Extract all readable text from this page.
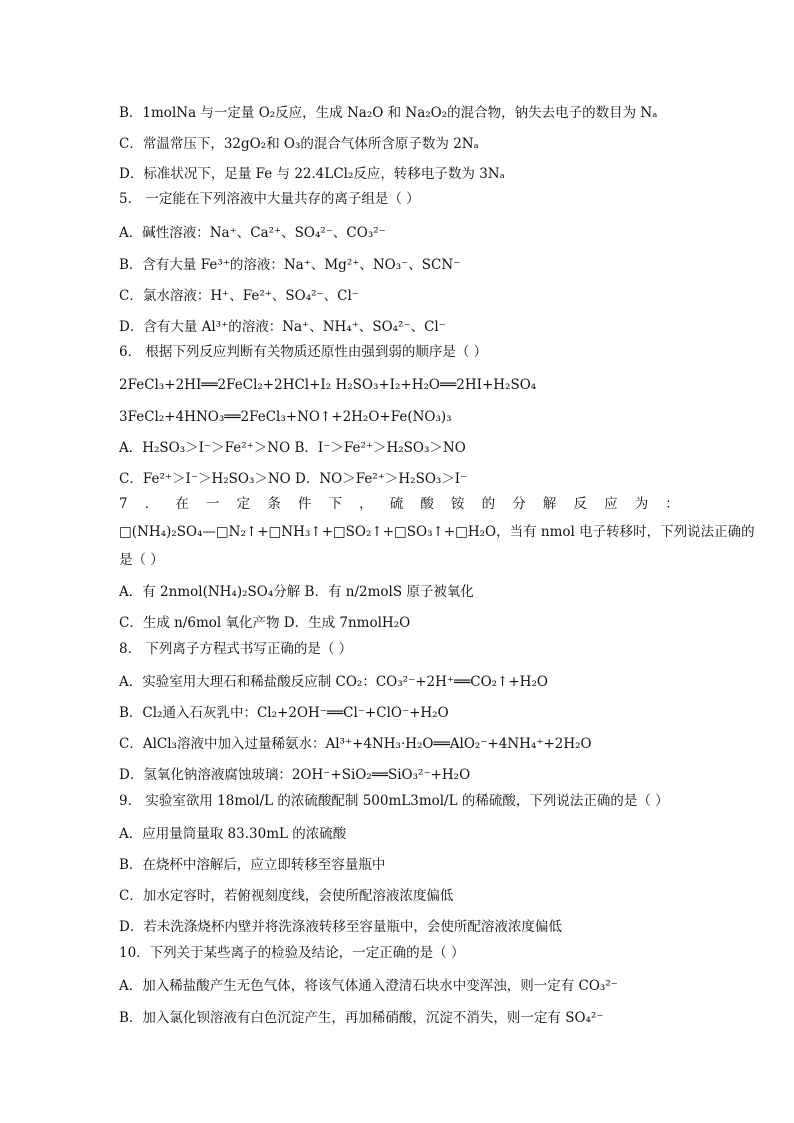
B．1molNa 与一定量 O₂反应，生成 Na₂O 和 Na₂O₂的混合物，钠失去电子的数目为 Nₐ
C．常温常压下，32gO₂和 O₃的混合气体所含原子数为 2Nₐ
D．标准状况下，足量 Fe 与 22.4LCl₂反应，转移电子数为 3Nₐ
5． 一定能在下列溶液中大量共存的离子组是（ ）
A．碱性溶液：Na⁺、Ca²⁺、SO₄²⁻、CO₃²⁻
B．含有大量 Fe³⁺的溶液：Na⁺、Mg²⁺、NO₃⁻、SCN⁻
C．氯水溶液：H⁺、Fe²⁺、SO₄²⁻、Cl⁻
D．含有大量 Al³⁺的溶液：Na⁺、NH₄⁺、SO₄²⁻、Cl⁻
6． 根据下列反应判断有关物质还原性由强到弱的顺序是（ ）
2FeCl₃+2HI══2FeCl₂+2HCl+I₂ H₂SO₃+I₂+H₂O══2HI+H₂SO₄
3FeCl₂+4HNO₃══2FeCl₃+NO↑+2H₂O+Fe(NO₃)₃
A．H₂SO₃＞I⁻＞Fe²⁺＞NO B．I⁻＞Fe²⁺＞H₂SO₃＞NO
C．Fe²⁺＞I⁻＞H₂SO₃＞NO D．NO＞Fe²⁺＞H₂SO₃＞I⁻
7 ． 在 一 定 条 件 下 ， 硫 酸 铵 的 分 解 反 应 为 ：
□(NH₄)₂SO₄—□N₂↑+□NH₃↑+□SO₂↑+□SO₃↑+□H₂O，当有 nmol 电子转移时，下列说法正确的
是（ ）
A．有 2nmol(NH₄)₂SO₄分解 B．有 n/2molS 原子被氧化
C．生成 n/6mol 氧化产物 D．生成 7nmolH₂O
8． 下列离子方程式书写正确的是（ ）
A．实验室用大理石和稀盐酸反应制 CO₂：CO₃²⁻+2H⁺══CO₂↑+H₂O
B．Cl₂通入石灰乳中：Cl₂+2OH⁻══Cl⁻+ClO⁻+H₂O
C．AlCl₃溶液中加入过量稀氨水：Al³⁺+4NH₃·H₂O══AlO₂⁻+4NH₄⁺+2H₂O
D．氢氧化钠溶液腐蚀玻璃：2OH⁻+SiO₂══SiO₃²⁻+H₂O
9． 实验室欲用 18mol/L 的浓硫酸配制 500mL3mol/L 的稀硫酸，下列说法正确的是（ ）
A．应用量筒量取 83.30mL 的浓硫酸
B．在烧杯中溶解后，应立即转移至容量瓶中
C．加水定容时，若俯视刻度线，会使所配溶液浓度偏低
D．若未洗涤烧杯内壁并将洗涤液转移至容量瓶中，会使所配溶液浓度偏低
10．下列关于某些离子的检验及结论，一定正确的是（ ）
A．加入稀盐酸产生无色气体，将该气体通入澄清石块水中变浑浊，则一定有 CO₃²⁻
B．加入氯化钡溶液有白色沉淀产生，再加稀硝酸，沉淀不消失，则一定有 SO₄²⁻
